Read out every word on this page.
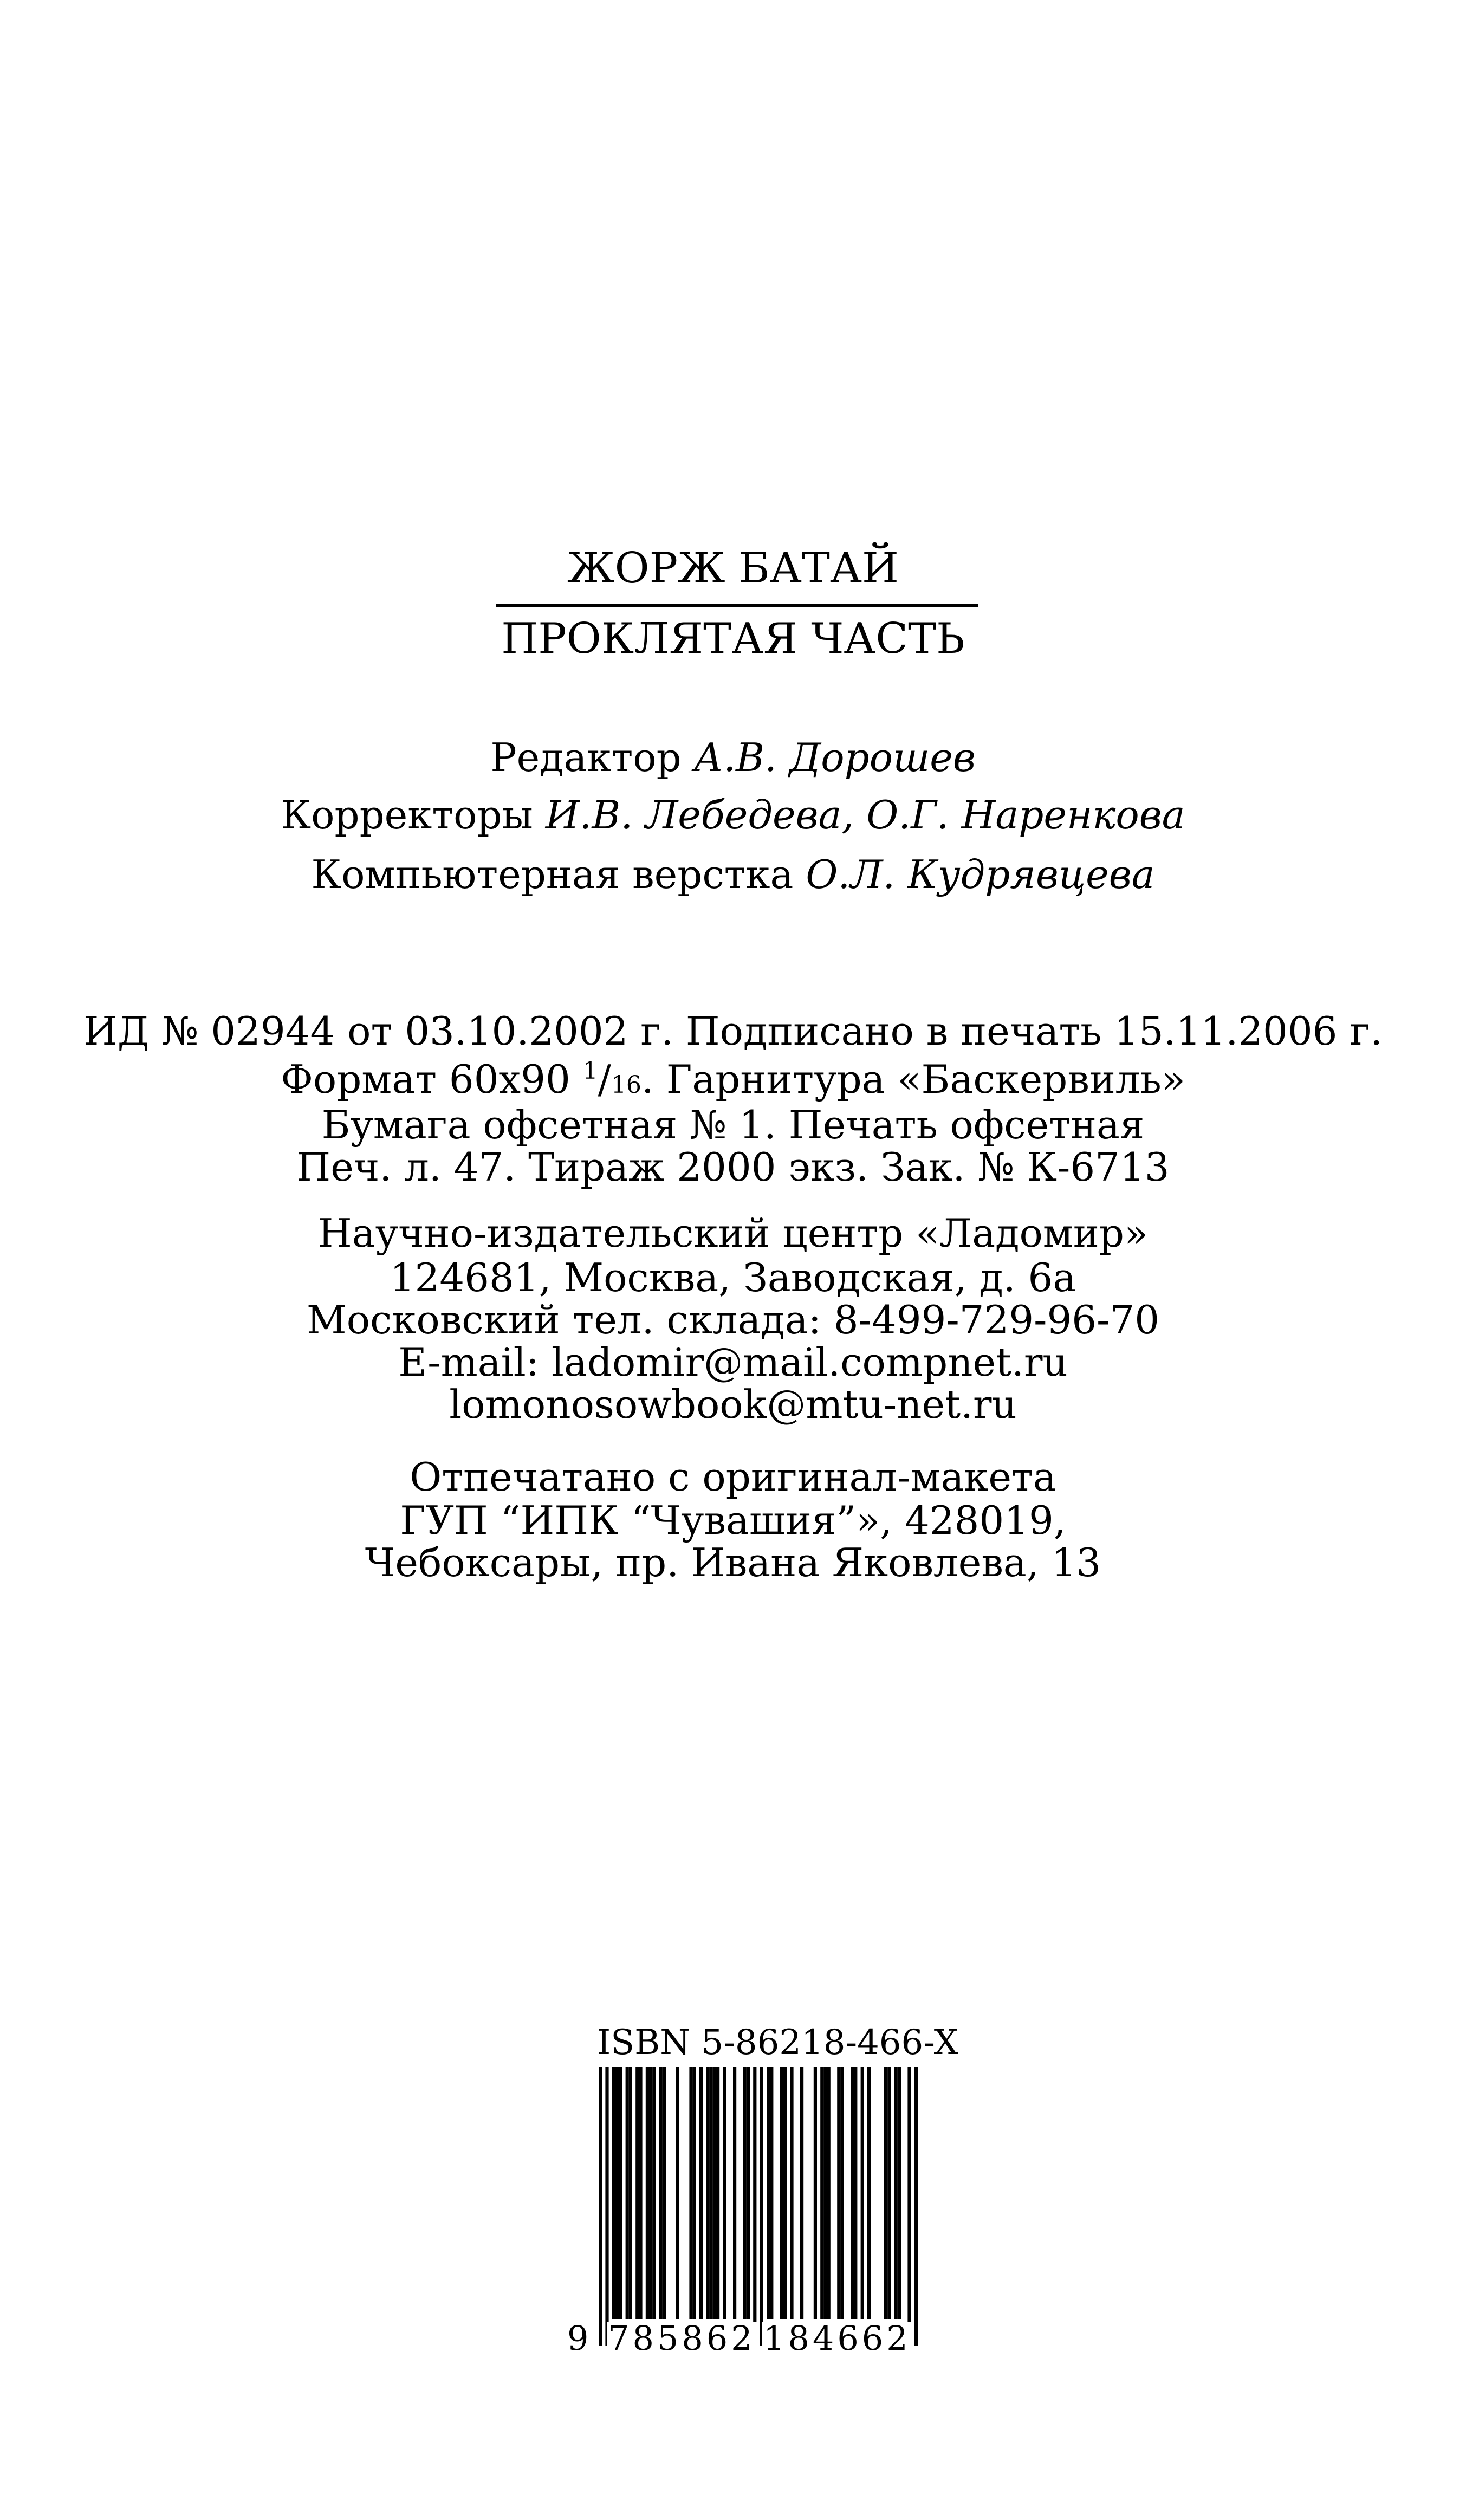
ЖОРЖ БАТАЙ
ПРОКЛЯТАЯ ЧАСТЬ
Редактор А.В. Дорошев
Корректоры И.В. Лебедева, О.Г. Наренкова
Компьютерная верстка О.Л. Кудрявцева
ИД № 02944 от 03.10.2002 г. Подписано в печать 15.11.2006 г.
Формат 60x90 $^1$/16. Гарнитура «Баскервиль»
Бумага офсетная № 1. Печать офсетная
Печ. л. 47. Тираж 2000 экз. Зак. № К-6713
Научно-издательский центр «Ладомир»
124681, Москва, Заводская, д. 6а
Московский тел. склада: 8-499-729-96-70
E-mail: ladomir@mail.compnet.ru
lomonosowbook@mtu-net.ru
Отпечатано с оригинал-макета
ГУП “ИПК “Чувашия”», 428019,
Чебоксары, пр. Ивана Яковлева, 13
ISBN 5-86218-466-X
9 785862 184662
